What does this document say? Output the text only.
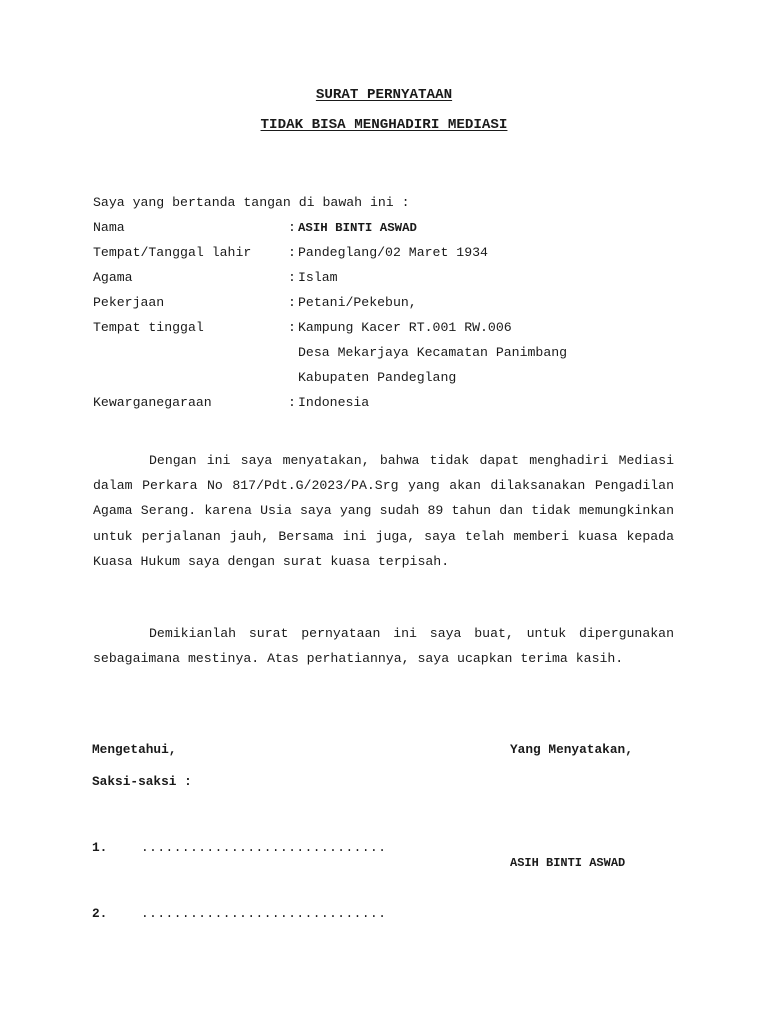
SURAT PERNYATAAN
TIDAK BISA MENGHADIRI MEDIASI
Saya yang bertanda tangan di bawah ini :
Nama	: ASIH BINTI ASWAD
Tempat/Tanggal lahir	: Pandeglang/02 Maret 1934
Agama	: Islam
Pekerjaan	: Petani/Pekebun,
Tempat tinggal	: Kampung Kacer RT.001 RW.006
Desa Mekarjaya Kecamatan Panimbang
Kabupaten Pandeglang
Kewarganegaraan	: Indonesia
Dengan ini saya menyatakan, bahwa tidak dapat menghadiri Mediasi dalam Perkara No 817/Pdt.G/2023/PA.Srg yang akan dilaksanakan Pengadilan Agama Serang. karena Usia saya yang sudah 89 tahun dan tidak memungkinkan untuk perjalanan jauh, Bersama ini juga, saya telah memberi kuasa kepada Kuasa Hukum saya dengan surat kuasa terpisah.
Demikianlah surat pernyataan ini saya buat, untuk dipergunakan sebagaimana mestinya. Atas perhatiannya, saya ucapkan terima kasih.
Mengetahui,	Yang Menyatakan,
Saksi-saksi :
1.	..............................
ASIH BINTI ASWAD
2.	..............................
